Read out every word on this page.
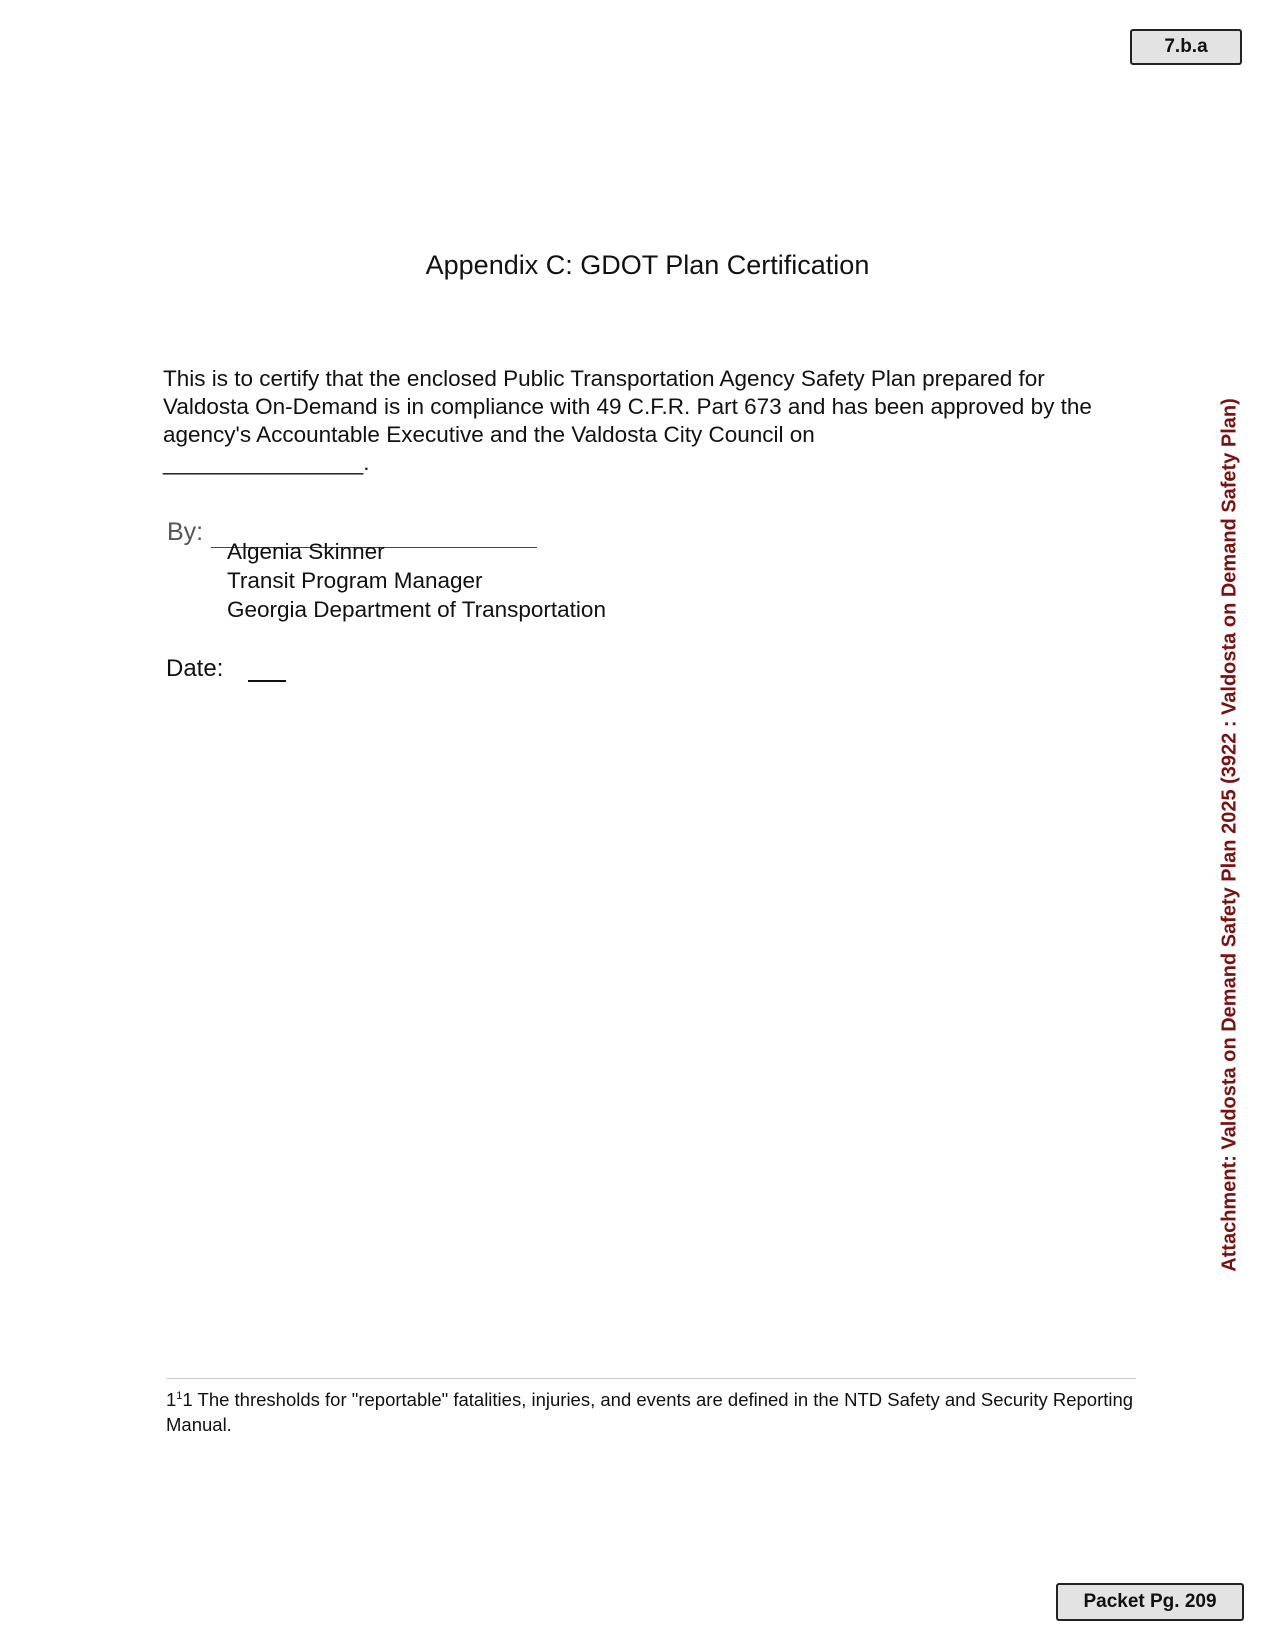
7.b.a
Appendix C: GDOT Plan Certification
This is to certify that the enclosed Public Transportation Agency Safety Plan prepared for Valdosta On-Demand is in compliance with 49 C.F.R. Part 673 and has been approved by the agency's Accountable Executive and the Valdosta City Council on
________________.
By:
Algenia Skinner
Transit Program Manager
Georgia Department of Transportation
Date:
$1^11$ The thresholds for "reportable" fatalities, injuries, and events are defined in the NTD Safety and Security Reporting Manual.
Attachment: Valdosta on Demand Safety Plan 2025 (3922 : Valdosta on Demand Safety Plan)
Packet Pg. 209
